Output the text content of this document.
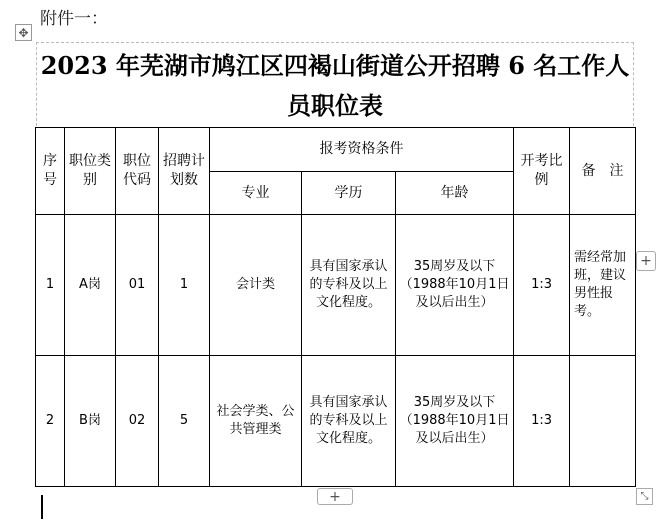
附件一：
✥
2023 年芜湖市鸠江区四褐山街道公开招聘 6 名工作人员职位表
序号	职位类别	职位代码	招聘计划数	报考资格条件			开考比例	备　注
				专业	学历	年龄		
1	A岗	01	1	会计类	具有国家承认的专科及以上文化程度。	35周岁及以下（1988年10月1日及以后出生）	1:3	需经常加班，建议男性报考。
2	B岗	02	5	社会学类、公共管理类	具有国家承认的专科及以上文化程度。	35周岁及以下（1988年10月1日及以后出生）	1:3	
+
+	⤡
